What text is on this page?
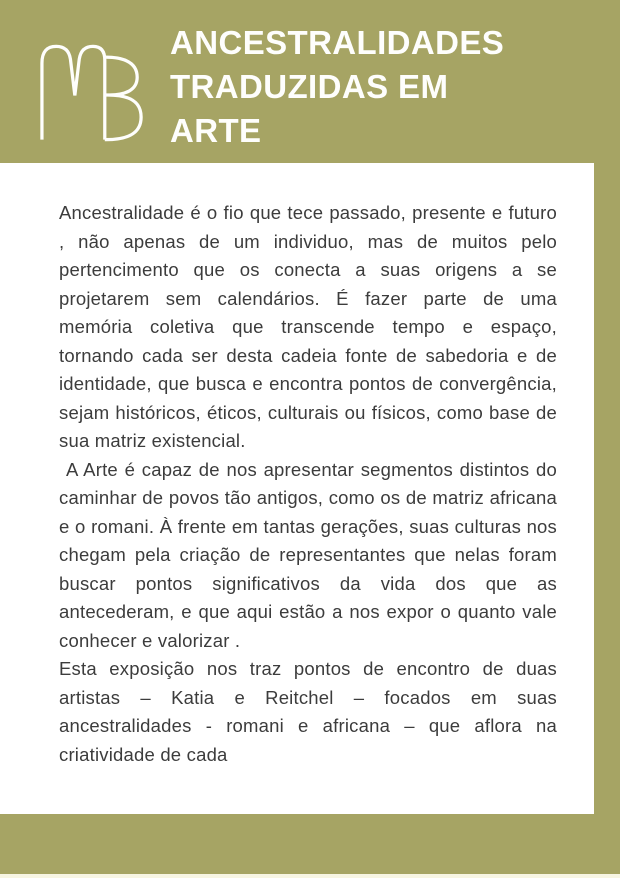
ANCESTRALIDADES
TRADUZIDAS EM
ARTE

Ancestralidade é o fio que tece passado, presente e futuro , não apenas de um individuo, mas de muitos pelo pertencimento que os conecta a suas origens a se projetarem sem calendários. É fazer parte de uma memória coletiva que transcende tempo e espaço, tornando cada ser desta cadeia fonte de sabedoria e de identidade, que busca e encontra pontos de convergência, sejam históricos, éticos, culturais ou físicos, como base de sua matriz existencial.

A Arte é capaz de nos apresentar segmentos distintos do caminhar de povos tão antigos, como os de matriz africana e o romani. À frente em tantas gerações, suas culturas nos chegam pela criação de representantes que nelas foram buscar pontos significativos da vida dos que as antecederam, e que aqui estão a nos expor o quanto vale conhecer e valorizar .

Esta exposição nos traz pontos de encontro de duas artistas – Katia e Reitchel – focados em suas ancestralidades - romani e africana – que aflora na criatividade de cada
